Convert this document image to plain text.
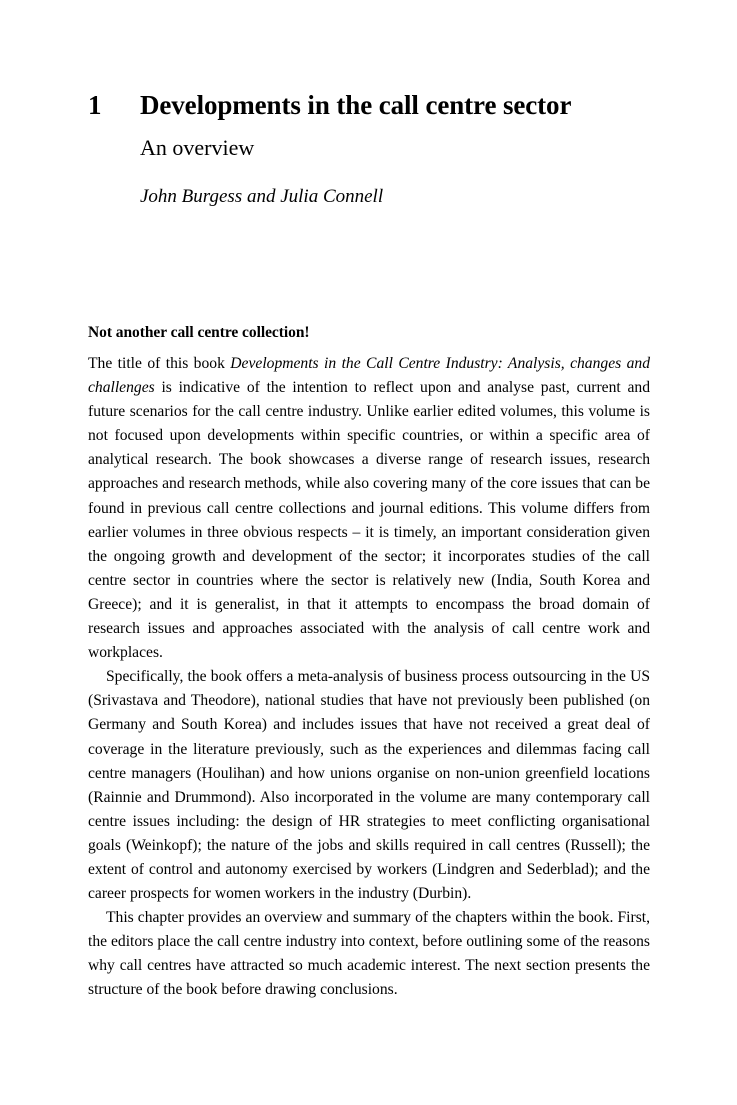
1 Developments in the call centre sector
An overview
John Burgess and Julia Connell
Not another call centre collection!

The title of this book Developments in the Call Centre Industry: Analysis, changes and challenges is indicative of the intention to reflect upon and analyse past, current and future scenarios for the call centre industry. Unlike earlier edited volumes, this volume is not focused upon developments within specific countries, or within a specific area of analytical research. The book showcases a diverse range of research issues, research approaches and research methods, while also covering many of the core issues that can be found in previous call centre collections and journal editions. This volume differs from earlier volumes in three obvious respects – it is timely, an important consideration given the ongoing growth and development of the sector; it incorporates studies of the call centre sector in countries where the sector is relatively new (India, South Korea and Greece); and it is generalist, in that it attempts to encompass the broad domain of research issues and approaches associated with the analysis of call centre work and workplaces.

Specifically, the book offers a meta-analysis of business process outsourcing in the US (Srivastava and Theodore), national studies that have not previously been published (on Germany and South Korea) and includes issues that have not received a great deal of coverage in the literature previously, such as the experiences and dilemmas facing call centre managers (Houlihan) and how unions organise on non-union greenfield locations (Rainnie and Drummond). Also incorporated in the volume are many contemporary call centre issues including: the design of HR strategies to meet conflicting organisational goals (Weinkopf); the nature of the jobs and skills required in call centres (Russell); the extent of control and autonomy exercised by workers (Lindgren and Sederblad); and the career prospects for women workers in the industry (Durbin).

This chapter provides an overview and summary of the chapters within the book. First, the editors place the call centre industry into context, before outlining some of the reasons why call centres have attracted so much academic interest. The next section presents the structure of the book before drawing conclusions.
